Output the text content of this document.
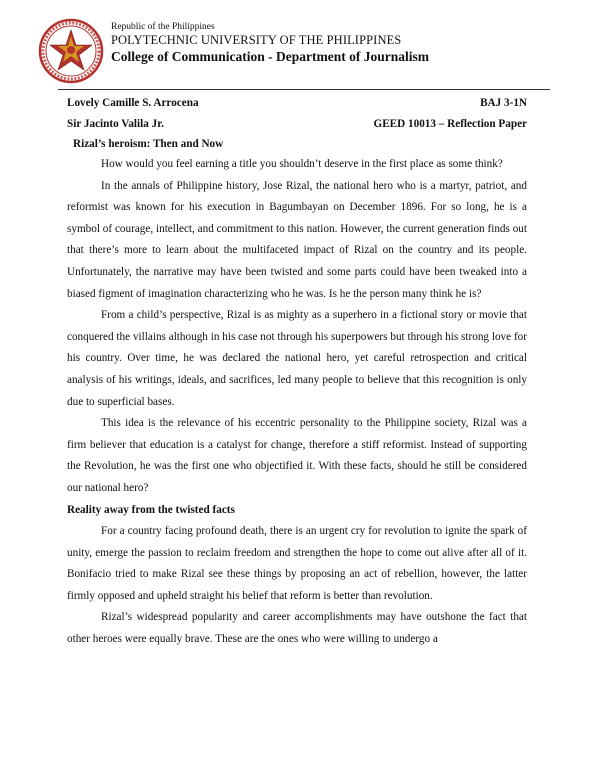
Republic of the Philippines
POLYTECHNIC UNIVERSITY OF THE PHILIPPINES
College of Communication - Department of Journalism
Lovely Camille S. Arrocena	BAJ 3-1N
Sir Jacinto Valila Jr.	GEED 10013 – Reflection Paper
Rizal’s heroism: Then and Now

How would you feel earning a title you shouldn’t deserve in the first place as some think?

In the annals of Philippine history, Jose Rizal, the national hero who is a martyr, patriot, and reformist was known for his execution in Bagumbayan on December 1896. For so long, he is a symbol of courage, intellect, and commitment to this nation. However, the current generation finds out that there’s more to learn about the multifaceted impact of Rizal on the country and its people. Unfortunately, the narrative may have been twisted and some parts could have been tweaked into a biased figment of imagination characterizing who he was. Is he the person many think he is?

From a child’s perspective, Rizal is as mighty as a superhero in a fictional story or movie that conquered the villains although in his case not through his superpowers but through his strong love for his country. Over time, he was declared the national hero, yet careful retrospection and critical analysis of his writings, ideals, and sacrifices, led many people to believe that this recognition is only due to superficial bases.

This idea is the relevance of his eccentric personality to the Philippine society, Rizal was a firm believer that education is a catalyst for change, therefore a stiff reformist. Instead of supporting the Revolution, he was the first one who objectified it. With these facts, should he still be considered our national hero?

Reality away from the twisted facts

For a country facing profound death, there is an urgent cry for revolution to ignite the spark of unity, emerge the passion to reclaim freedom and strengthen the hope to come out alive after all of it. Bonifacio tried to make Rizal see these things by proposing an act of rebellion, however, the latter firmly opposed and upheld straight his belief that reform is better than revolution.

Rizal’s widespread popularity and career accomplishments may have outshone the fact that other heroes were equally brave. These are the ones who were willing to undergo a
